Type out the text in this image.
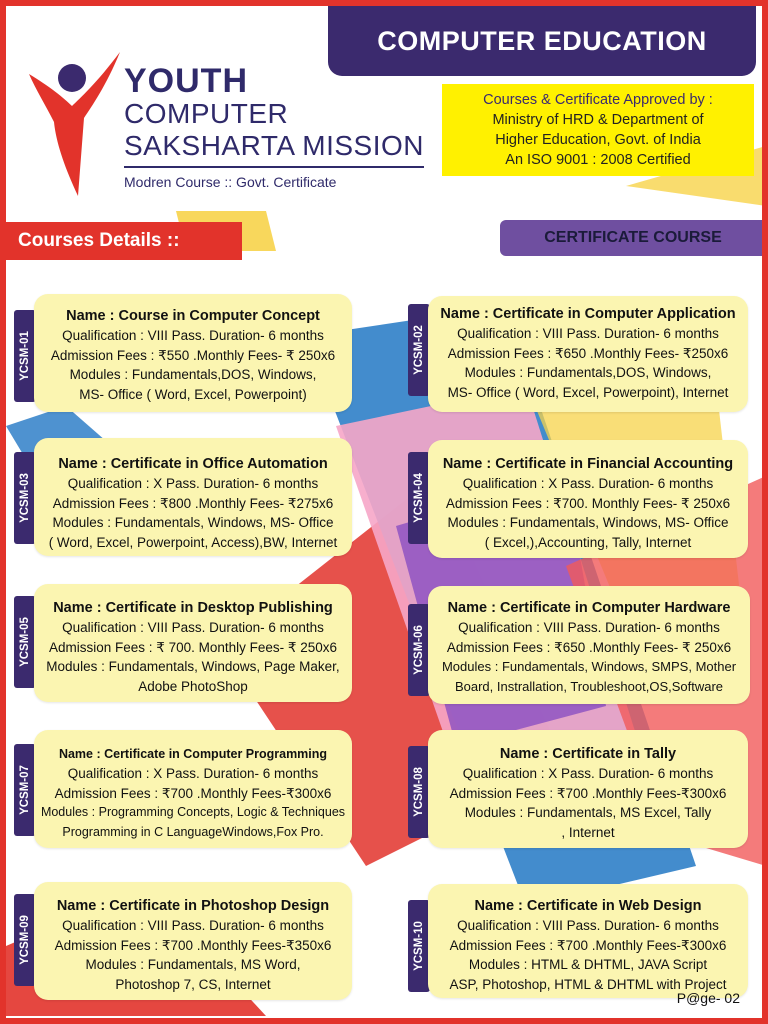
COMPUTER EDUCATION
YOUTH
COMPUTER
SAKSHARTA MISSION
Modren Course :: Govt. Certificate
Courses & Certificate Approved by :
Ministry of HRD & Department of
Higher Education, Govt. of India
An ISO 9001 : 2008 Certified
Courses Details ::	CERTIFICATE COURSE
YCSM-01
Name : Course in Computer Concept
Qualification : VIII Pass. Duration- 6 months
Admission Fees : ₹550 .Monthly Fees- ₹ 250x6
Modules : Fundamentals,DOS, Windows,
MS- Office ( Word, Excel, Powerpoint)
YCSM-03
Name : Certificate in Office Automation
Qualification : X Pass. Duration- 6 months
Admission Fees : ₹800 .Monthly Fees- ₹275x6
Modules : Fundamentals, Windows, MS- Office
( Word, Excel, Powerpoint, Access),BW, Internet
YCSM-05
Name : Certificate in Desktop Publishing
Qualification : VIII Pass. Duration- 6 months
Admission Fees : ₹ 700. Monthly Fees- ₹ 250x6
Modules : Fundamentals, Windows, Page Maker,
Adobe PhotoShop
YCSM-07
Name : Certificate in Computer Programming
Qualification : X Pass. Duration- 6 months
Admission Fees : ₹700 .Monthly Fees-₹300x6
Modules : Programming Concepts, Logic & Techniques
Programming in C LanguageWindows,Fox Pro.
YCSM-09
Name : Certificate in Photoshop Design
Qualification : VIII Pass. Duration- 6 months
Admission Fees : ₹700 .Monthly Fees-₹350x6
Modules : Fundamentals, MS Word,
Photoshop 7, CS, Internet
YCSM-02
Name : Certificate in Computer Application
Qualification : VIII Pass. Duration- 6 months
Admission Fees : ₹650 .Monthly Fees- ₹250x6
Modules : Fundamentals,DOS, Windows,
MS- Office ( Word, Excel, Powerpoint), Internet
YCSM-04
Name : Certificate in Financial Accounting
Qualification : X Pass. Duration- 6 months
Admission Fees : ₹700. Monthly Fees- ₹ 250x6
Modules : Fundamentals, Windows, MS- Office
( Excel,),Accounting, Tally, Internet
YCSM-06
Name : Certificate in Computer Hardware
Qualification : VIII Pass. Duration- 6 months
Admission Fees : ₹650 .Monthly Fees- ₹ 250x6
Modules : Fundamentals, Windows, SMPS, Mother
Board, Instrallation, Troubleshoot,OS,Software
YCSM-08
Name : Certificate in Tally
Qualification : X Pass. Duration- 6 months
Admission Fees : ₹700 .Monthly Fees-₹300x6
Modules : Fundamentals, MS Excel, Tally
, Internet
YCSM-10
Name : Certificate in Web Design
Qualification : VIII Pass. Duration- 6 months
Admission Fees : ₹700 .Monthly Fees-₹300x6
Modules : HTML & DHTML, JAVA Script
ASP, Photoshop, HTML & DHTML with Project
P@ge- 02
